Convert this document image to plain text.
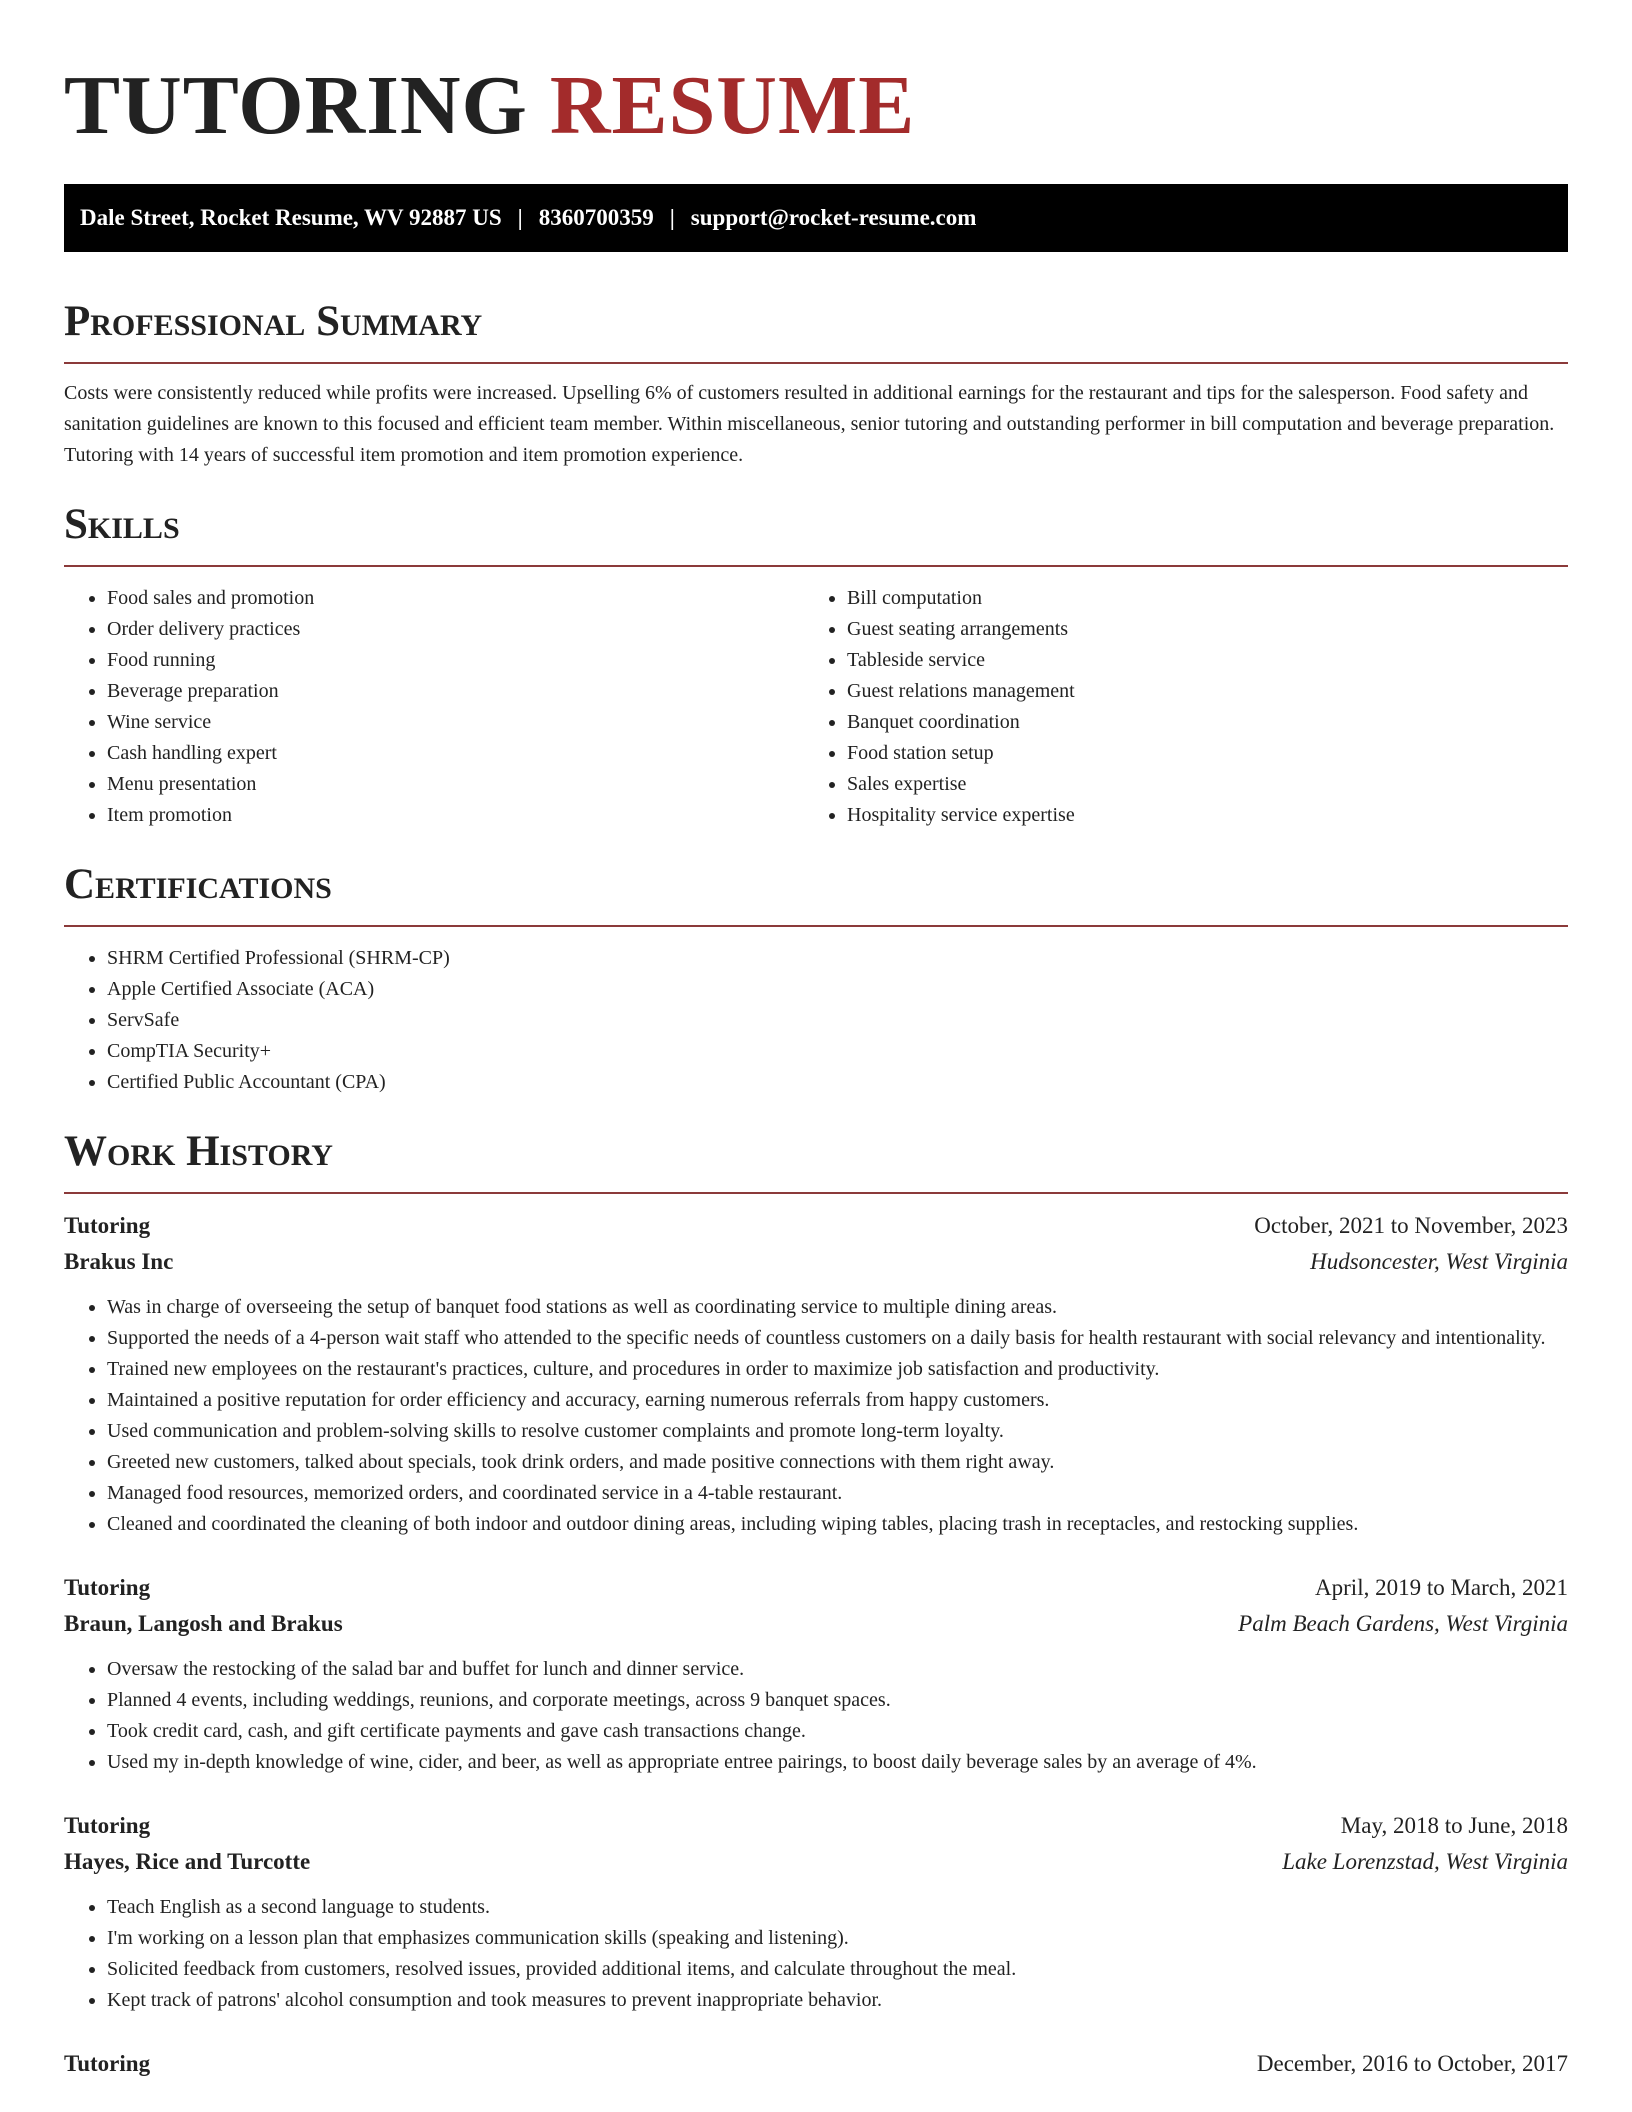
TUTORING RESUME
Dale Street, Rocket Resume, WV 92887 US | 8360700359 | support@rocket-resume.com
Professional Summary

Costs were consistently reduced while profits were increased. Upselling 6% of customers resulted in additional earnings for the restaurant and tips for the salesperson. Food safety and sanitation guidelines are known to this focused and efficient team member. Within miscellaneous, senior tutoring and outstanding performer in bill computation and beverage preparation. Tutoring with 14 years of successful item promotion and item promotion experience.

Skills
• Food sales and promotion
• Order delivery practices
• Food running
• Beverage preparation
• Wine service
• Cash handling expert
• Menu presentation
• Item promotion
• Bill computation
• Guest seating arrangements
• Tableside service
• Guest relations management
• Banquet coordination
• Food station setup
• Sales expertise
• Hospitality service expertise
Certifications
• SHRM Certified Professional (SHRM-CP)
• Apple Certified Associate (ACA)
• ServSafe
• CompTIA Security+
• Certified Public Accountant (CPA)
Work History
Tutoring	October, 2021 to November, 2023
Brakus Inc	Hudsoncester, West Virginia
• Was in charge of overseeing the setup of banquet food stations as well as coordinating service to multiple dining areas.
• Supported the needs of a 4-person wait staff who attended to the specific needs of countless customers on a daily basis for health restaurant with social relevancy and intentionality.
• Trained new employees on the restaurant's practices, culture, and procedures in order to maximize job satisfaction and productivity.
• Maintained a positive reputation for order efficiency and accuracy, earning numerous referrals from happy customers.
• Used communication and problem-solving skills to resolve customer complaints and promote long-term loyalty.
• Greeted new customers, talked about specials, took drink orders, and made positive connections with them right away.
• Managed food resources, memorized orders, and coordinated service in a 4-table restaurant.
• Cleaned and coordinated the cleaning of both indoor and outdoor dining areas, including wiping tables, placing trash in receptacles, and restocking supplies.
Tutoring	April, 2019 to March, 2021
Braun, Langosh and Brakus	Palm Beach Gardens, West Virginia
• Oversaw the restocking of the salad bar and buffet for lunch and dinner service.
• Planned 4 events, including weddings, reunions, and corporate meetings, across 9 banquet spaces.
• Took credit card, cash, and gift certificate payments and gave cash transactions change.
• Used my in-depth knowledge of wine, cider, and beer, as well as appropriate entree pairings, to boost daily beverage sales by an average of 4%.
Tutoring	May, 2018 to June, 2018
Hayes, Rice and Turcotte	Lake Lorenzstad, West Virginia
• Teach English as a second language to students.
• I'm working on a lesson plan that emphasizes communication skills (speaking and listening).
• Solicited feedback from customers, resolved issues, provided additional items, and calculate throughout the meal.
• Kept track of patrons' alcohol consumption and took measures to prevent inappropriate behavior.
Tutoring	December, 2016 to October, 2017
